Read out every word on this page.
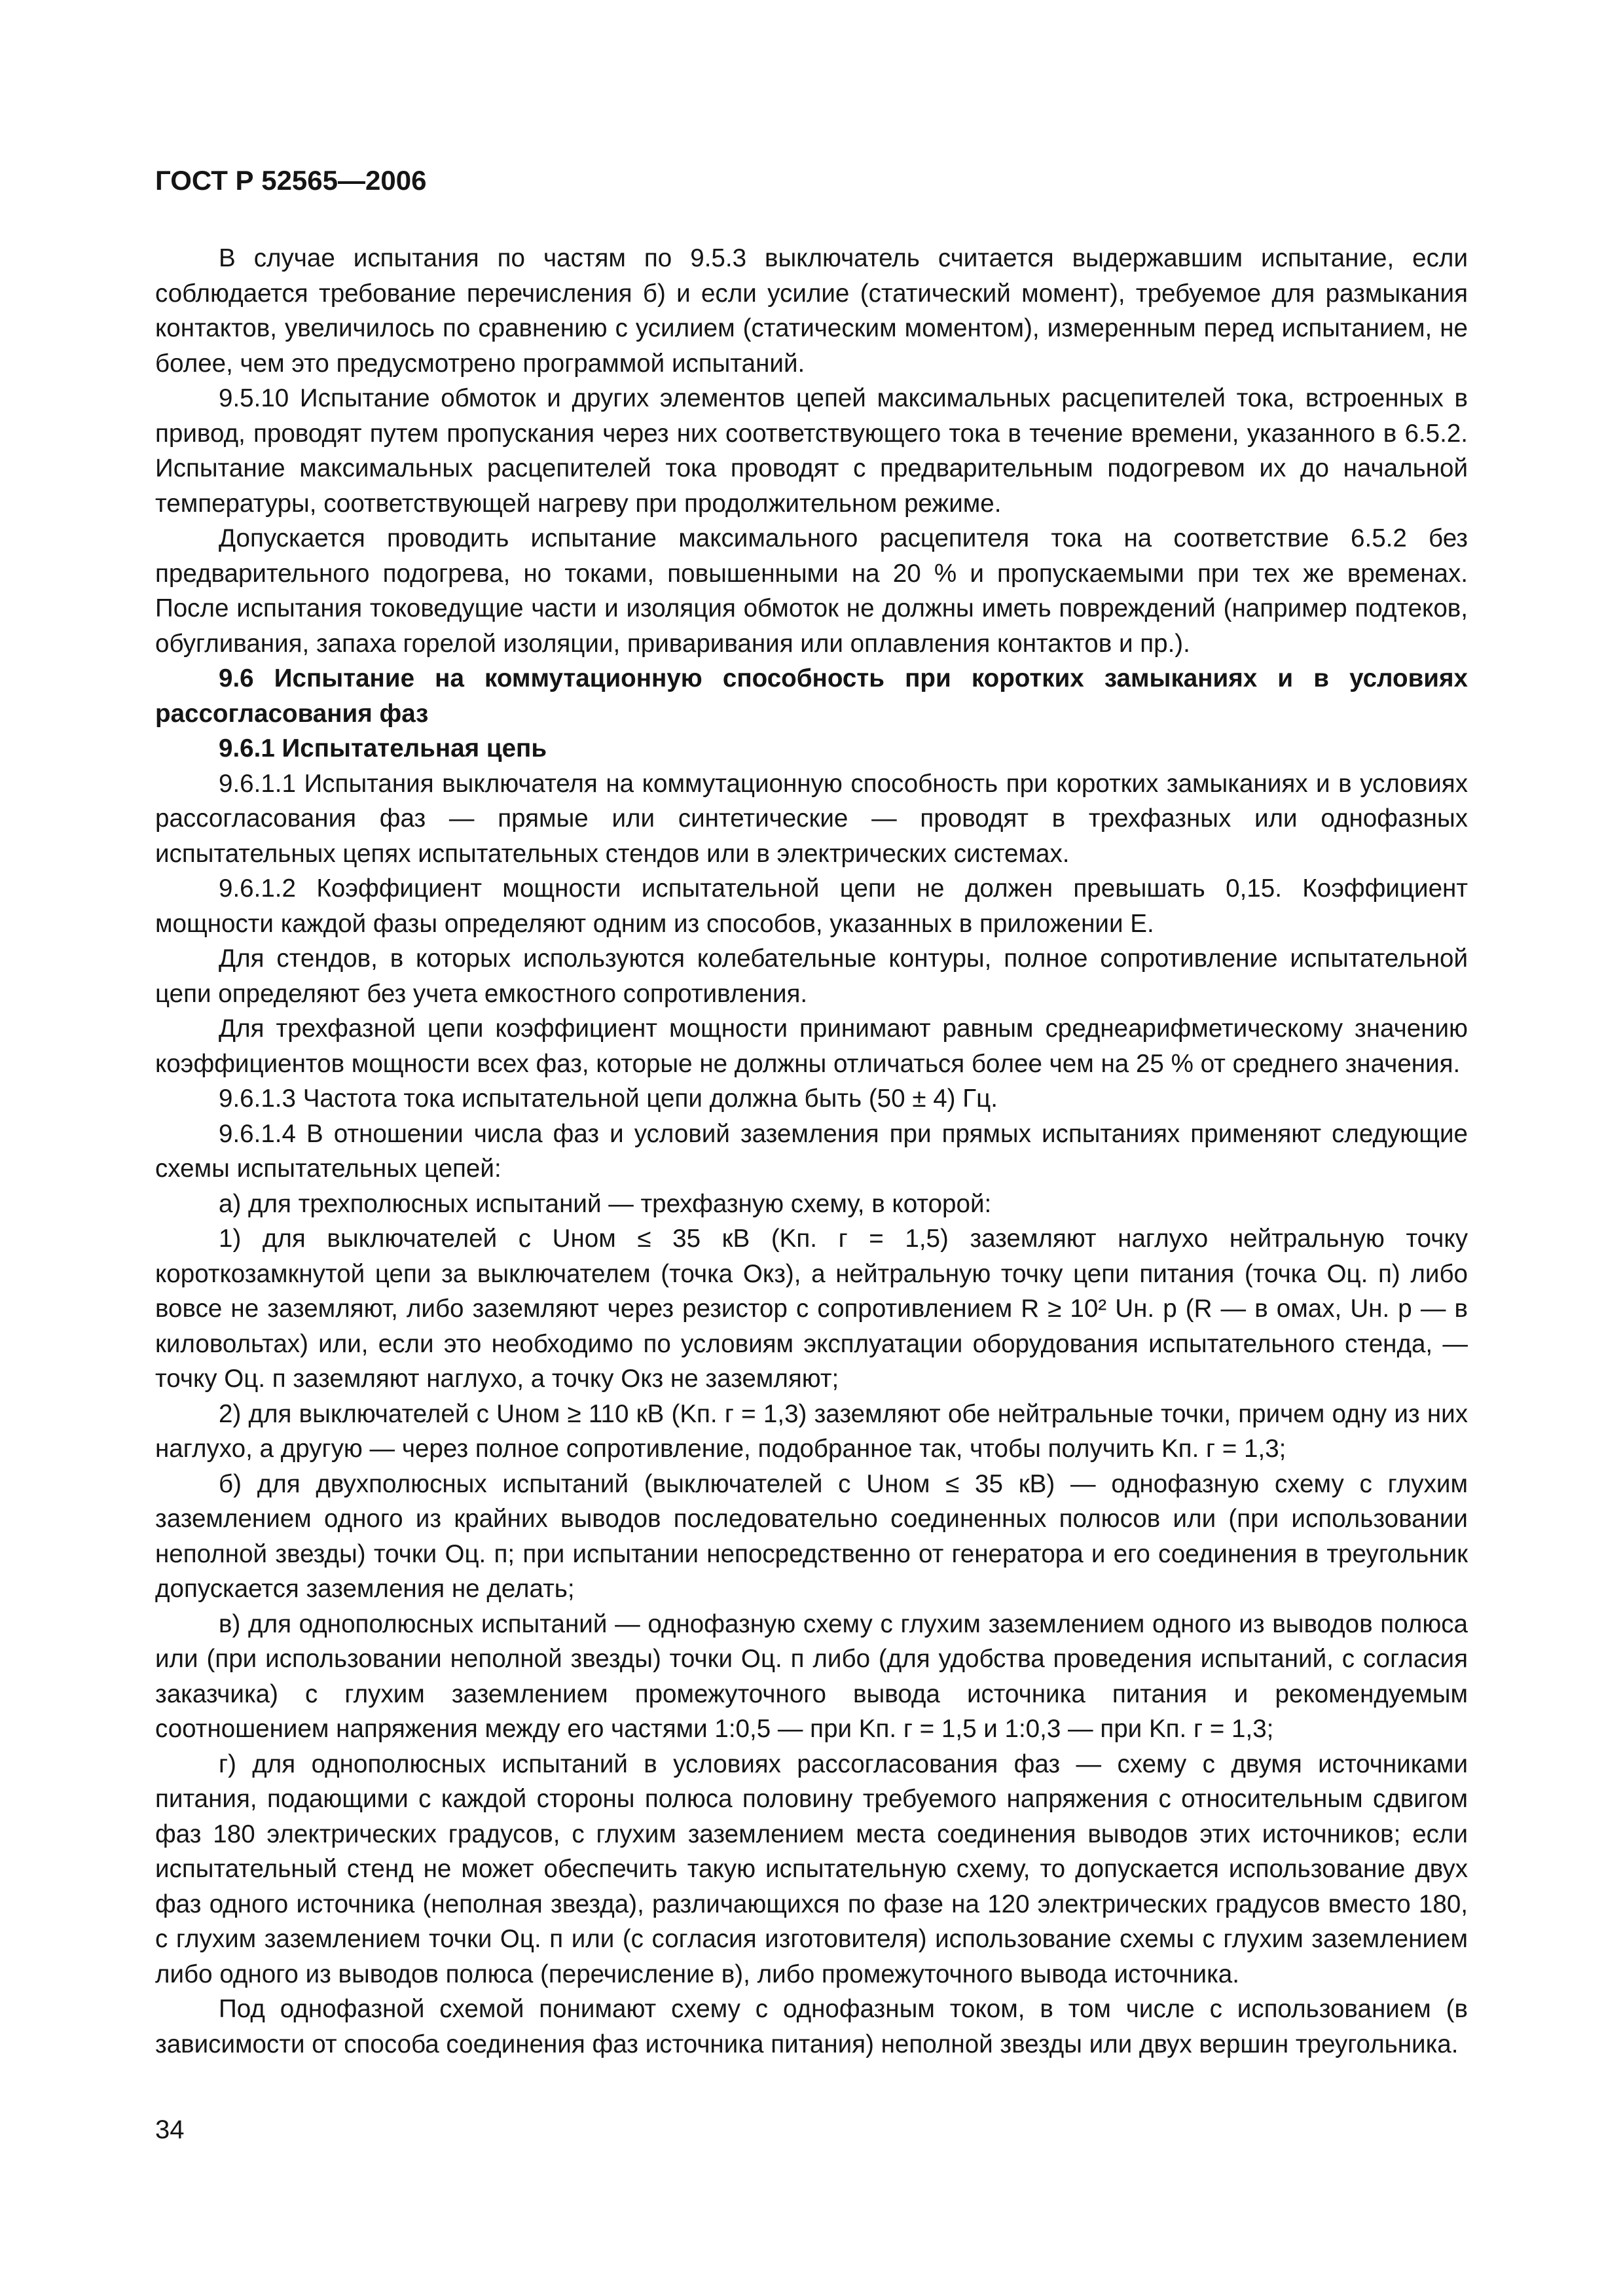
ГОСТ Р 52565—2006

В случае испытания по частям по 9.5.3 выключатель считается выдержавшим испытание, если соблюдается требование перечисления б) и если усилие (статический момент), требуемое для размыкания контактов, увеличилось по сравнению с усилием (статическим моментом), измеренным перед испытанием, не более, чем это предусмотрено программой испытаний.

9.5.10 Испытание обмоток и других элементов цепей максимальных расцепителей тока, встроенных в привод, проводят путем пропускания через них соответствующего тока в течение времени, указанного в 6.5.2. Испытание максимальных расцепителей тока проводят с предварительным подогревом их до начальной температуры, соответствующей нагреву при продолжительном режиме.

Допускается проводить испытание максимального расцепителя тока на соответствие 6.5.2 без предварительного подогрева, но токами, повышенными на 20 % и пропускаемыми при тех же временах. После испытания токоведущие части и изоляция обмоток не должны иметь повреждений (например подтеков, обугливания, запаха горелой изоляции, приваривания или оплавления контактов и пр.).

9.6 Испытание на коммутационную способность при коротких замыканиях и в условиях рассогласования фаз

9.6.1 Испытательная цепь

9.6.1.1 Испытания выключателя на коммутационную способность при коротких замыканиях и в условиях рассогласования фаз — прямые или синтетические — проводят в трехфазных или однофазных испытательных цепях испытательных стендов или в электрических системах.

9.6.1.2 Коэффициент мощности испытательной цепи не должен превышать 0,15. Коэффициент мощности каждой фазы определяют одним из способов, указанных в приложении Е.

Для стендов, в которых используются колебательные контуры, полное сопротивление испытательной цепи определяют без учета емкостного сопротивления.

Для трехфазной цепи коэффициент мощности принимают равным среднеарифметическому значению коэффициентов мощности всех фаз, которые не должны отличаться более чем на 25 % от среднего значения.

9.6.1.3 Частота тока испытательной цепи должна быть (50 ± 4) Гц.

9.6.1.4 В отношении числа фаз и условий заземления при прямых испытаниях применяют следующие схемы испытательных цепей:

а) для трехполюсных испытаний — трехфазную схему, в которой:

1) для выключателей с Uном ≤ 35 кВ (Kп. г = 1,5) заземляют наглухо нейтральную точку короткозамкнутой цепи за выключателем (точка Oкз), а нейтральную точку цепи питания (точка Oц. п) либо вовсе не заземляют, либо заземляют через резистор с сопротивлением R ≥ 10² Uн. р (R — в омах, Uн. р — в киловольтах) или, если это необходимо по условиям эксплуатации оборудования испытательного стенда, — точку Oц. п заземляют наглухо, а точку Oкз не заземляют;

2) для выключателей с Uном ≥ 110 кВ (Kп. г = 1,3) заземляют обе нейтральные точки, причем одну из них наглухо, а другую — через полное сопротивление, подобранное так, чтобы получить Kп. г = 1,3;

б) для двухполюсных испытаний (выключателей с Uном ≤ 35 кВ) — однофазную схему с глухим заземлением одного из крайних выводов последовательно соединенных полюсов или (при использовании неполной звезды) точки Oц. п; при испытании непосредственно от генератора и его соединения в треугольник допускается заземления не делать;

в) для однополюсных испытаний — однофазную схему с глухим заземлением одного из выводов полюса или (при использовании неполной звезды) точки Oц. п либо (для удобства проведения испытаний, с согласия заказчика) с глухим заземлением промежуточного вывода источника питания и рекомендуемым соотношением напряжения между его частями 1:0,5 — при Kп. г = 1,5 и 1:0,3 — при Kп. г = 1,3;

г) для однополюсных испытаний в условиях рассогласования фаз — схему с двумя источниками питания, подающими с каждой стороны полюса половину требуемого напряжения с относительным сдвигом фаз 180 электрических градусов, с глухим заземлением места соединения выводов этих источников; если испытательный стенд не может обеспечить такую испытательную схему, то допускается использование двух фаз одного источника (неполная звезда), различающихся по фазе на 120 электрических градусов вместо 180, с глухим заземлением точки Oц. п или (с согласия изготовителя) использование схемы с глухим заземлением либо одного из выводов полюса (перечисление в), либо промежуточного вывода источника.

Под однофазной схемой понимают схему с однофазным током, в том числе с использованием (в зависимости от способа соединения фаз источника питания) неполной звезды или двух вершин треугольника.

34
